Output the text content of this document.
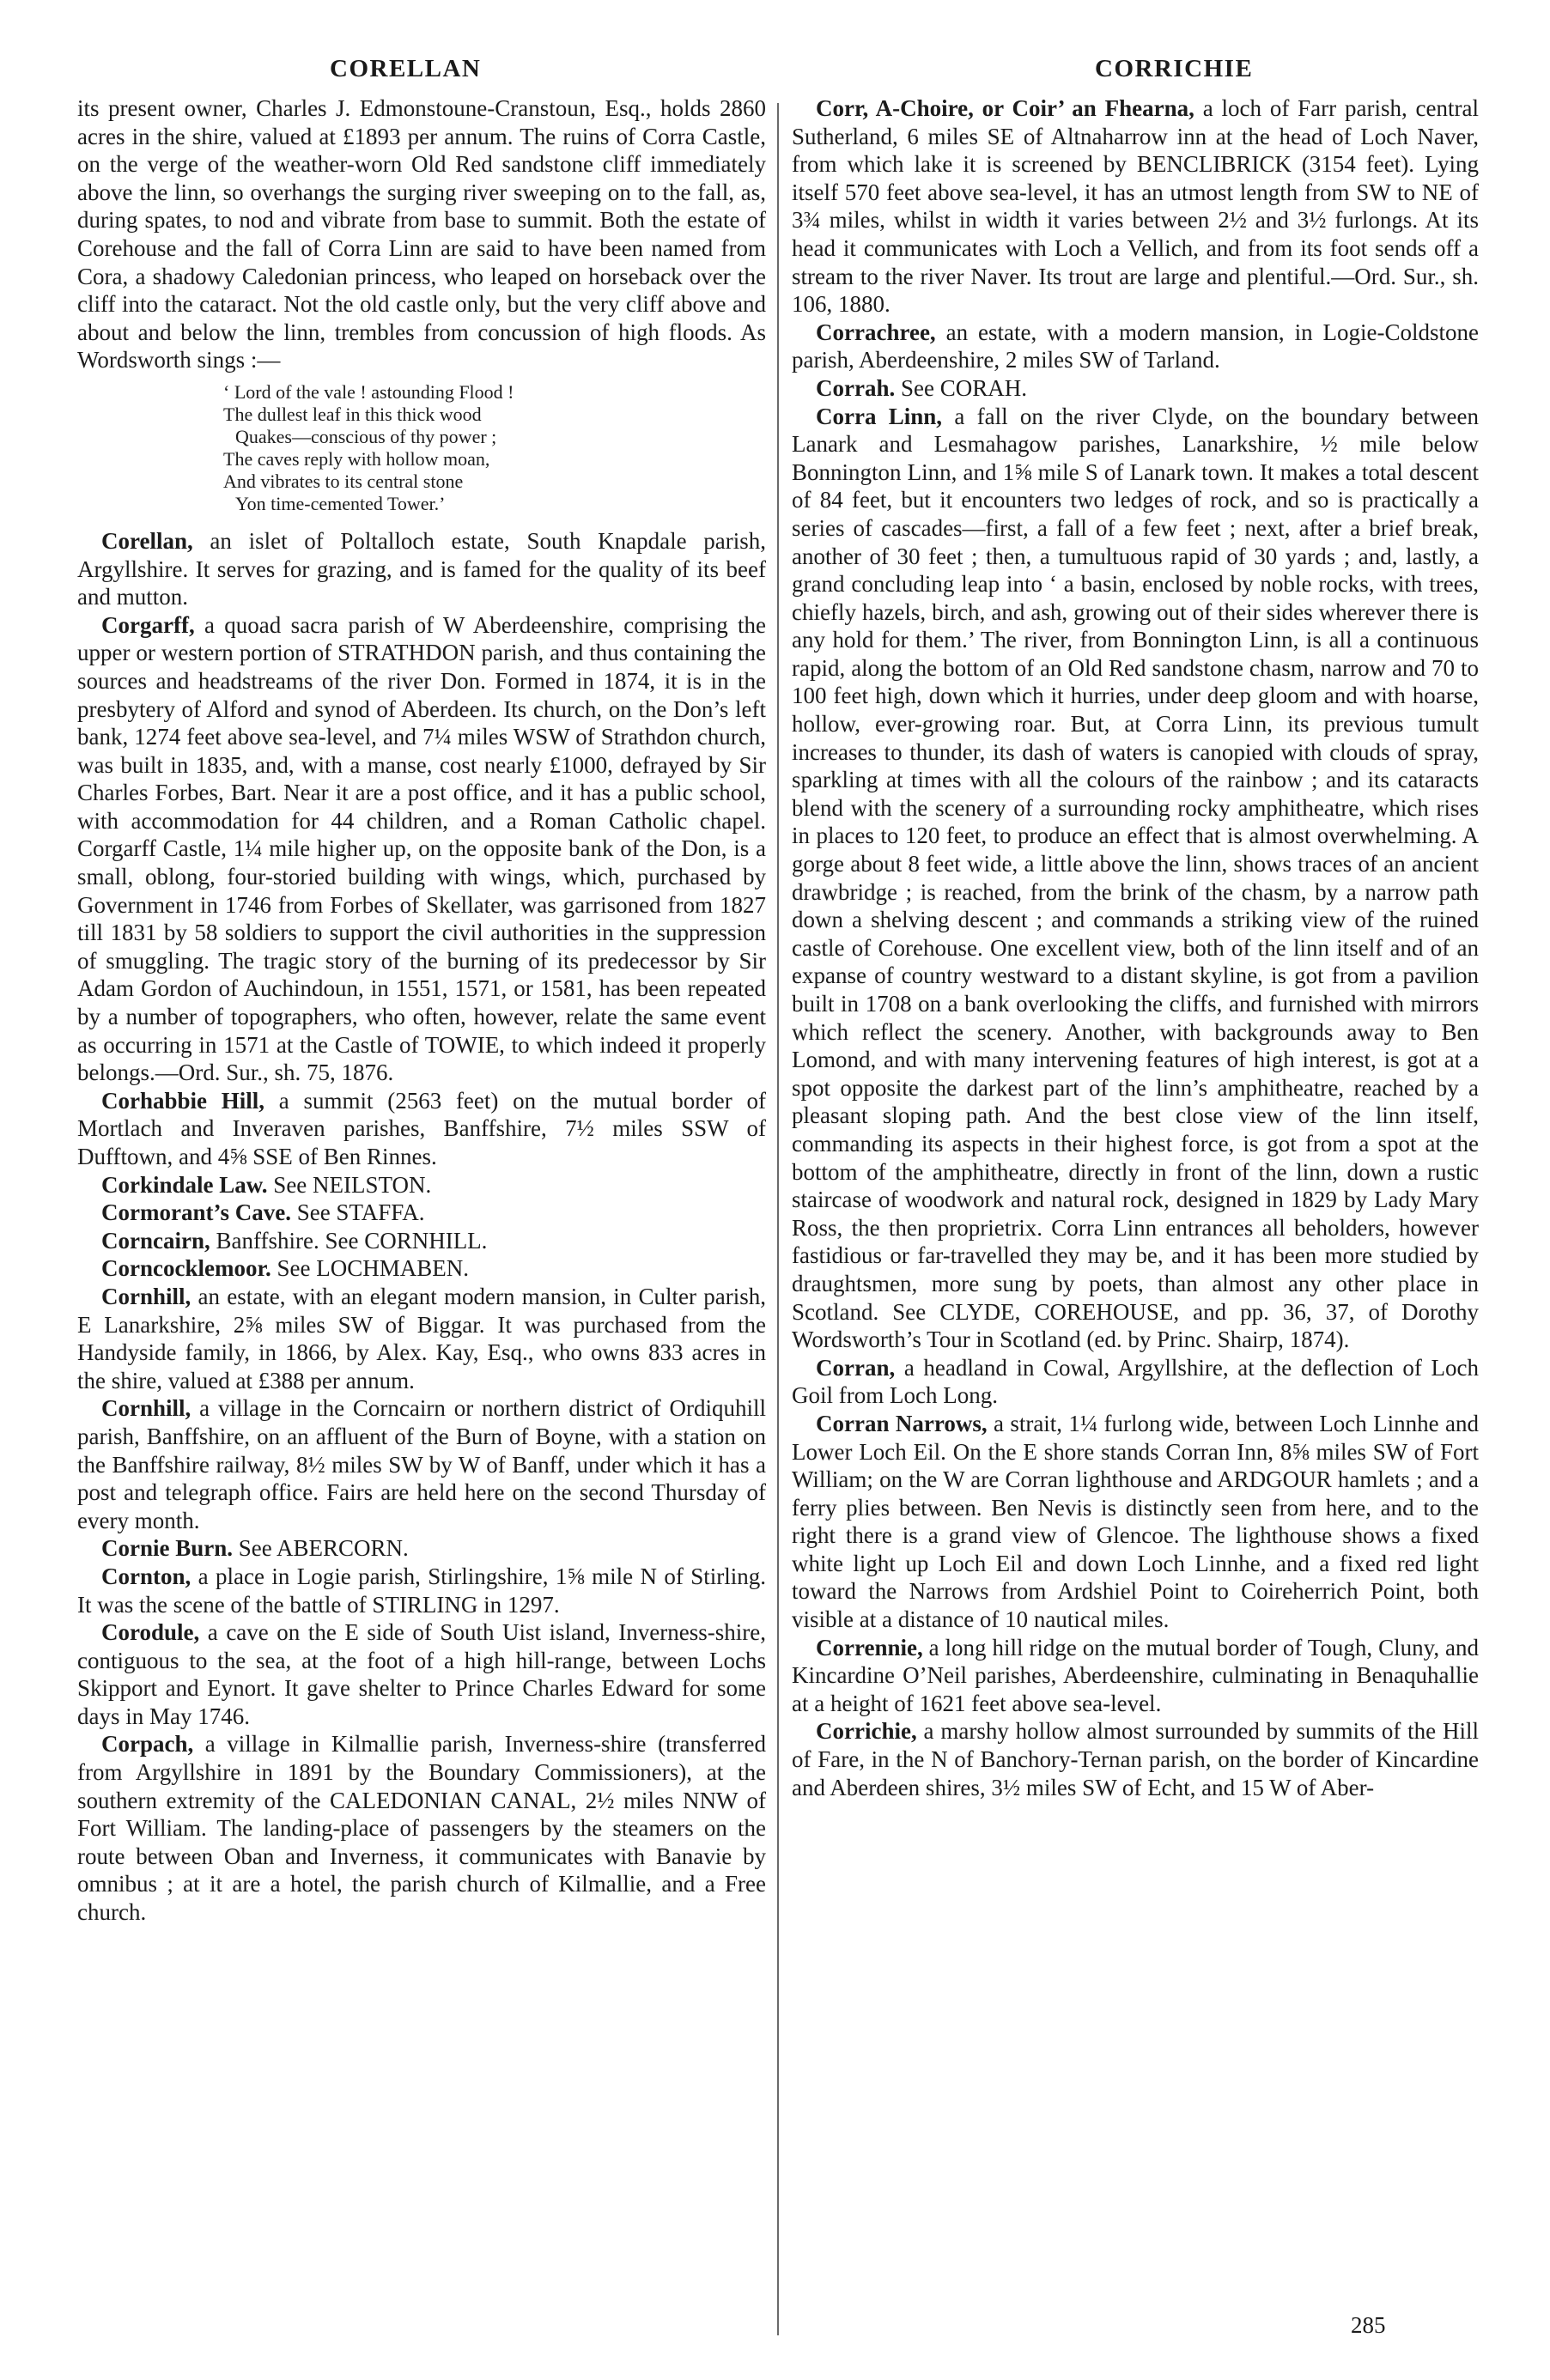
CORELLAN	CORRICHIE

its present owner, Charles J. Edmonstoune-Cranstoun, Esq., holds 2860 acres in the shire, valued at £1893 per annum. The ruins of Corra Castle, on the verge of the weather-worn Old Red sandstone cliff immediately above the linn, so overhangs the surging river sweeping on to the fall, as, during spates, to nod and vibrate from base to summit. Both the estate of Corehouse and the fall of Corra Linn are said to have been named from Cora, a shadowy Caledonian princess, who leaped on horseback over the cliff into the cataract. Not the old castle only, but the very cliff above and about and below the linn, trembles from concussion of high floods. As Wordsworth sings :—

‘ Lord of the vale ! astounding Flood !
The dullest leaf in this thick wood
Quakes—conscious of thy power ;
The caves reply with hollow moan,
And vibrates to its central stone
Yon time-cemented Tower.’

Corellan, an islet of Poltalloch estate, South Knapdale parish, Argyllshire. It serves for grazing, and is famed for the quality of its beef and mutton.

Corgarff, a quoad sacra parish of W Aberdeenshire, comprising the upper or western portion of STRATHDON parish, and thus containing the sources and headstreams of the river Don. Formed in 1874, it is in the presbytery of Alford and synod of Aberdeen. Its church, on the Don’s left bank, 1274 feet above sea-level, and 7¼ miles WSW of Strathdon church, was built in 1835, and, with a manse, cost nearly £1000, defrayed by Sir Charles Forbes, Bart. Near it are a post office, and it has a public school, with accommodation for 44 children, and a Roman Catholic chapel. Corgarff Castle, 1¼ mile higher up, on the opposite bank of the Don, is a small, oblong, four-storied building with wings, which, purchased by Government in 1746 from Forbes of Skellater, was garrisoned from 1827 till 1831 by 58 soldiers to support the civil authorities in the suppression of smuggling. The tragic story of the burning of its predecessor by Sir Adam Gordon of Auchindoun, in 1551, 1571, or 1581, has been repeated by a number of topographers, who often, however, relate the same event as occurring in 1571 at the Castle of TOWIE, to which indeed it properly belongs.—Ord. Sur., sh. 75, 1876.

Corhabbie Hill, a summit (2563 feet) on the mutual border of Mortlach and Inveraven parishes, Banffshire, 7½ miles SSW of Dufftown, and 4⅝ SSE of Ben Rinnes.

Corkindale Law. See NEILSTON.

Cormorant’s Cave. See STAFFA.

Corncairn, Banffshire. See CORNHILL.

Corncocklemoor. See LOCHMABEN.

Cornhill, an estate, with an elegant modern mansion, in Culter parish, E Lanarkshire, 2⅝ miles SW of Biggar. It was purchased from the Handyside family, in 1866, by Alex. Kay, Esq., who owns 833 acres in the shire, valued at £388 per annum.

Cornhill, a village in the Corncairn or northern district of Ordiquhill parish, Banffshire, on an affluent of the Burn of Boyne, with a station on the Banffshire railway, 8½ miles SW by W of Banff, under which it has a post and telegraph office. Fairs are held here on the second Thursday of every month.

Cornie Burn. See ABERCORN.

Cornton, a place in Logie parish, Stirlingshire, 1⅝ mile N of Stirling. It was the scene of the battle of STIRLING in 1297.

Corodule, a cave on the E side of South Uist island, Inverness-shire, contiguous to the sea, at the foot of a high hill-range, between Lochs Skipport and Eynort. It gave shelter to Prince Charles Edward for some days in May 1746.

Corpach, a village in Kilmallie parish, Inverness-shire (transferred from Argyllshire in 1891 by the Boundary Commissioners), at the southern extremity of the CALEDONIAN CANAL, 2½ miles NNW of Fort William. The landing-place of passengers by the steamers on the route between Oban and Inverness, it communicates with Banavie by omnibus ; at it are a hotel, the parish church of Kilmallie, and a Free church.

Corr, A-Choire, or Coir’ an Fhearna, a loch of Farr parish, central Sutherland, 6 miles SE of Altnaharrow inn at the head of Loch Naver, from which lake it is screened by BENCLIBRICK (3154 feet). Lying itself 570 feet above sea-level, it has an utmost length from SW to NE of 3¾ miles, whilst in width it varies between 2½ and 3½ furlongs. At its head it communicates with Loch a Vellich, and from its foot sends off a stream to the river Naver. Its trout are large and plentiful.—Ord. Sur., sh. 106, 1880.

Corrachree, an estate, with a modern mansion, in Logie-Coldstone parish, Aberdeenshire, 2 miles SW of Tarland.

Corrah. See CORAH.

Corra Linn, a fall on the river Clyde, on the boundary between Lanark and Lesmahagow parishes, Lanarkshire, ½ mile below Bonnington Linn, and 1⅝ mile S of Lanark town. It makes a total descent of 84 feet, but it encounters two ledges of rock, and so is practically a series of cascades—first, a fall of a few feet ; next, after a brief break, another of 30 feet ; then, a tumultuous rapid of 30 yards ; and, lastly, a grand concluding leap into ‘ a basin, enclosed by noble rocks, with trees, chiefly hazels, birch, and ash, growing out of their sides wherever there is any hold for them.’ The river, from Bonnington Linn, is all a continuous rapid, along the bottom of an Old Red sandstone chasm, narrow and 70 to 100 feet high, down which it hurries, under deep gloom and with hoarse, hollow, ever-growing roar. But, at Corra Linn, its previous tumult increases to thunder, its dash of waters is canopied with clouds of spray, sparkling at times with all the colours of the rainbow ; and its cataracts blend with the scenery of a surrounding rocky amphitheatre, which rises in places to 120 feet, to produce an effect that is almost overwhelming. A gorge about 8 feet wide, a little above the linn, shows traces of an ancient drawbridge ; is reached, from the brink of the chasm, by a narrow path down a shelving descent ; and commands a striking view of the ruined castle of Corehouse. One excellent view, both of the linn itself and of an expanse of country westward to a distant skyline, is got from a pavilion built in 1708 on a bank overlooking the cliffs, and furnished with mirrors which reflect the scenery. Another, with backgrounds away to Ben Lomond, and with many intervening features of high interest, is got at a spot opposite the darkest part of the linn’s amphitheatre, reached by a pleasant sloping path. And the best close view of the linn itself, commanding its aspects in their highest force, is got from a spot at the bottom of the amphitheatre, directly in front of the linn, down a rustic staircase of woodwork and natural rock, designed in 1829 by Lady Mary Ross, the then proprietrix. Corra Linn entrances all beholders, however fastidious or far-travelled they may be, and it has been more studied by draughtsmen, more sung by poets, than almost any other place in Scotland. See CLYDE, COREHOUSE, and pp. 36, 37, of Dorothy Wordsworth’s Tour in Scotland (ed. by Princ. Shairp, 1874).

Corran, a headland in Cowal, Argyllshire, at the deflection of Loch Goil from Loch Long.

Corran Narrows, a strait, 1¼ furlong wide, between Loch Linnhe and Lower Loch Eil. On the E shore stands Corran Inn, 8⅝ miles SW of Fort William; on the W are Corran lighthouse and ARDGOUR hamlets ; and a ferry plies between. Ben Nevis is distinctly seen from here, and to the right there is a grand view of Glencoe. The lighthouse shows a fixed white light up Loch Eil and down Loch Linnhe, and a fixed red light toward the Narrows from Ardshiel Point to Coireherrich Point, both visible at a distance of 10 nautical miles.

Corrennie, a long hill ridge on the mutual border of Tough, Cluny, and Kincardine O’Neil parishes, Aberdeenshire, culminating in Benaquhallie at a height of 1621 feet above sea-level.

Corrichie, a marshy hollow almost surrounded by summits of the Hill of Fare, in the N of Banchory-Ternan parish, on the border of Kincardine and Aberdeen shires, 3½ miles SW of Echt, and 15 W of Aber-

285
